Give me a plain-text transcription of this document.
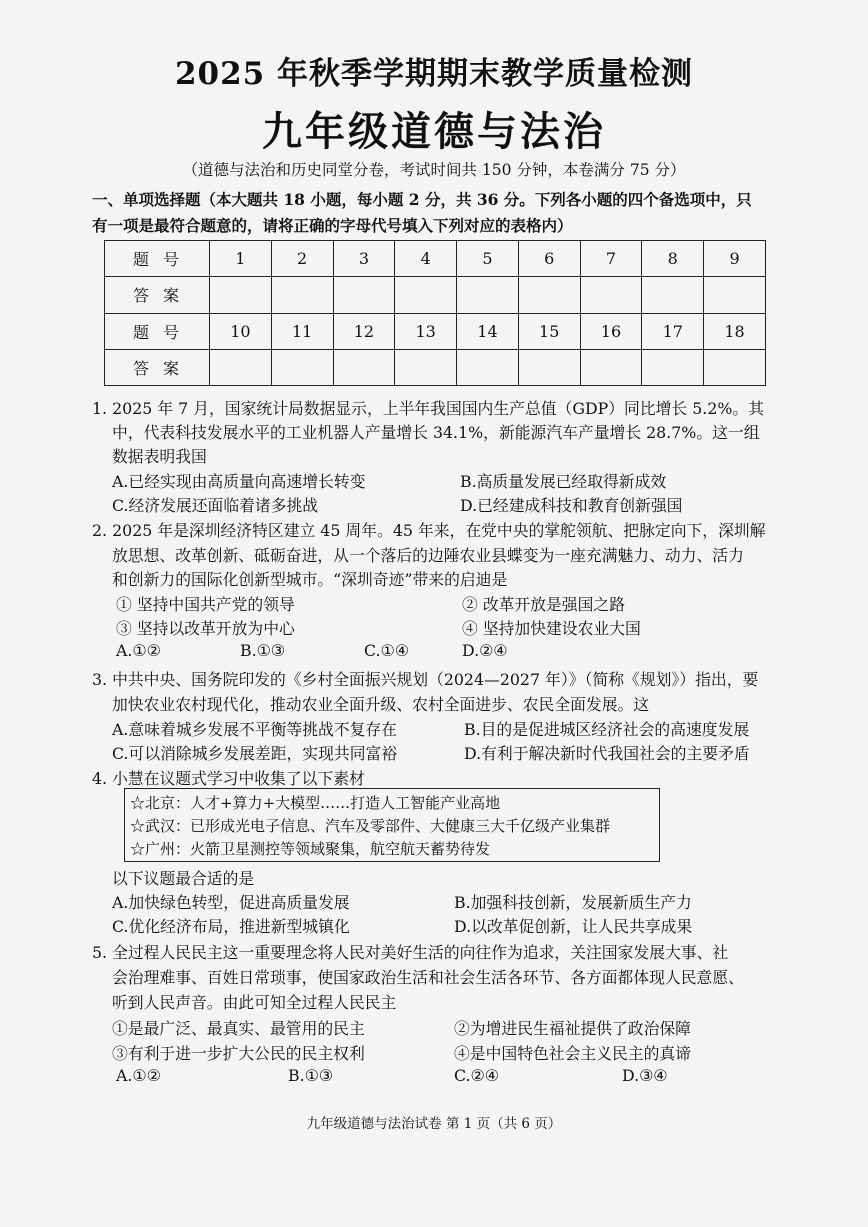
2025 年秋季学期期末教学质量检测
九年级道德与法治
（道德与法治和历史同堂分卷，考试时间共 150 分钟，本卷满分 75 分）
一、单项选择题（本大题共 18 小题，每小题 2 分，共 36 分。下列各小题的四个备选项中，只
有一项是最符合题意的，请将正确的字母代号填入下列对应的表格内）
题号	1	2	3	4	5	6	7	8	9
答案									
题号	10	11	12	13	14	15	16	17	18
答案									
1. 2025 年 7 月，国家统计局数据显示，上半年我国国内生产总值（GDP）同比增长 5.2%。其
中，代表科技发展水平的工业机器人产量增长 34.1%，新能源汽车产量增长 28.7%。这一组
数据表明我国
A.已经实现由高质量向高速增长转变	B.高质量发展已经取得新成效
C.经济发展还面临着诸多挑战	D.已经建成科技和教育创新强国
2. 2025 年是深圳经济特区建立 45 周年。45 年来，在党中央的掌舵领航、把脉定向下，深圳解
放思想、改革创新、砥砺奋进，从一个落后的边陲农业县蝶变为一座充满魅力、动力、活力
和创新力的国际化创新型城市。“深圳奇迹”带来的启迪是
① 坚持中国共产党的领导	② 改革开放是强国之路
③ 坚持以改革开放为中心	④ 坚持加快建设农业大国
A.①②	B.①③	C.①④	D.②④
3. 中共中央、国务院印发的《乡村全面振兴规划（2024—2027 年）》（简称《规划》）指出，要
加快农业农村现代化，推动农业全面升级、农村全面进步、农民全面发展。这
A.意味着城乡发展不平衡等挑战不复存在	B.目的是促进城区经济社会的高速度发展
C.可以消除城乡发展差距，实现共同富裕	D.有利于解决新时代我国社会的主要矛盾
4. 小慧在议题式学习中收集了以下素材
☆北京：人才+算力+大模型……打造人工智能产业高地
☆武汉：已形成光电子信息、汽车及零部件、大健康三大千亿级产业集群
☆广州：火箭卫星测控等领域聚集，航空航天蓄势待发
以下议题最合适的是
A.加快绿色转型，促进高质量发展	B.加强科技创新，发展新质生产力
C.优化经济布局，推进新型城镇化	D.以改革促创新，让人民共享成果
5. 全过程人民民主这一重要理念将人民对美好生活的向往作为追求，关注国家发展大事、社
会治理难事、百姓日常琐事，使国家政治生活和社会生活各环节、各方面都体现人民意愿、
听到人民声音。由此可知全过程人民民主
①是最广泛、最真实、最管用的民主	②为增进民生福祉提供了政治保障
③有利于进一步扩大公民的民主权利	④是中国特色社会主义民主的真谛
A.①②	B.①③	C.②④	D.③④
九年级道德与法治试卷 第 1 页（共 6 页）
